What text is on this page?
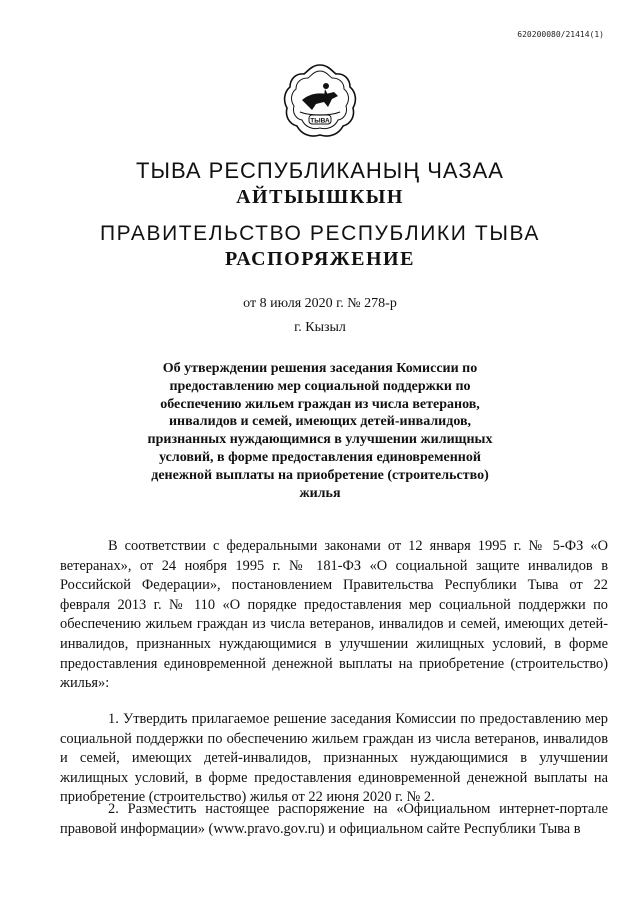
620200080/21414(1)
ТЫВА
ТЫВА РЕСПУБЛИКАНЫҢ ЧАЗАА
АЙТЫЫШКЫН
ПРАВИТЕЛЬСТВО РЕСПУБЛИКИ ТЫВА
РАСПОРЯЖЕНИЕ
от 8 июля 2020 г. № 278-р
г. Кызыл
Об утверждении решения заседания Комиссии по предоставлению мер социальной поддержки по обеспечению жильем граждан из числа ветеранов, инвалидов и семей, имеющих детей-инвалидов, признанных нуждающимися в улучшении жилищных условий, в форме предоставления единовременной денежной выплаты на приобретение (строительство) жилья

В соответствии с федеральными законами от 12 января 1995 г. № 5-ФЗ «О ветеранах», от 24 ноября 1995 г. № 181-ФЗ «О социальной защите инвалидов в Российской Федерации», постановлением Правительства Республики Тыва от 22 февраля 2013 г. № 110 «О порядке предоставления мер социальной поддержки по обеспечению жильем граждан из числа ветеранов, инвалидов и семей, имеющих детей-инвалидов, признанных нуждающимися в улучшении жилищных условий, в форме предоставления единовременной денежной выплаты на приобретение (строительство) жилья»:

1. Утвердить прилагаемое решение заседания Комиссии по предоставлению мер социальной поддержки по обеспечению жильем граждан из числа ветеранов, инвалидов и семей, имеющих детей-инвалидов, признанных нуждающимися в улучшении жилищных условий, в форме предоставления единовременной денежной выплаты на приобретение (строительство) жилья от 22 июня 2020 г. № 2.

2. Разместить настоящее распоряжение на «Официальном интернет-портале правовой информации» (www.pravo.gov.ru) и официальном сайте Республики Тыва в
